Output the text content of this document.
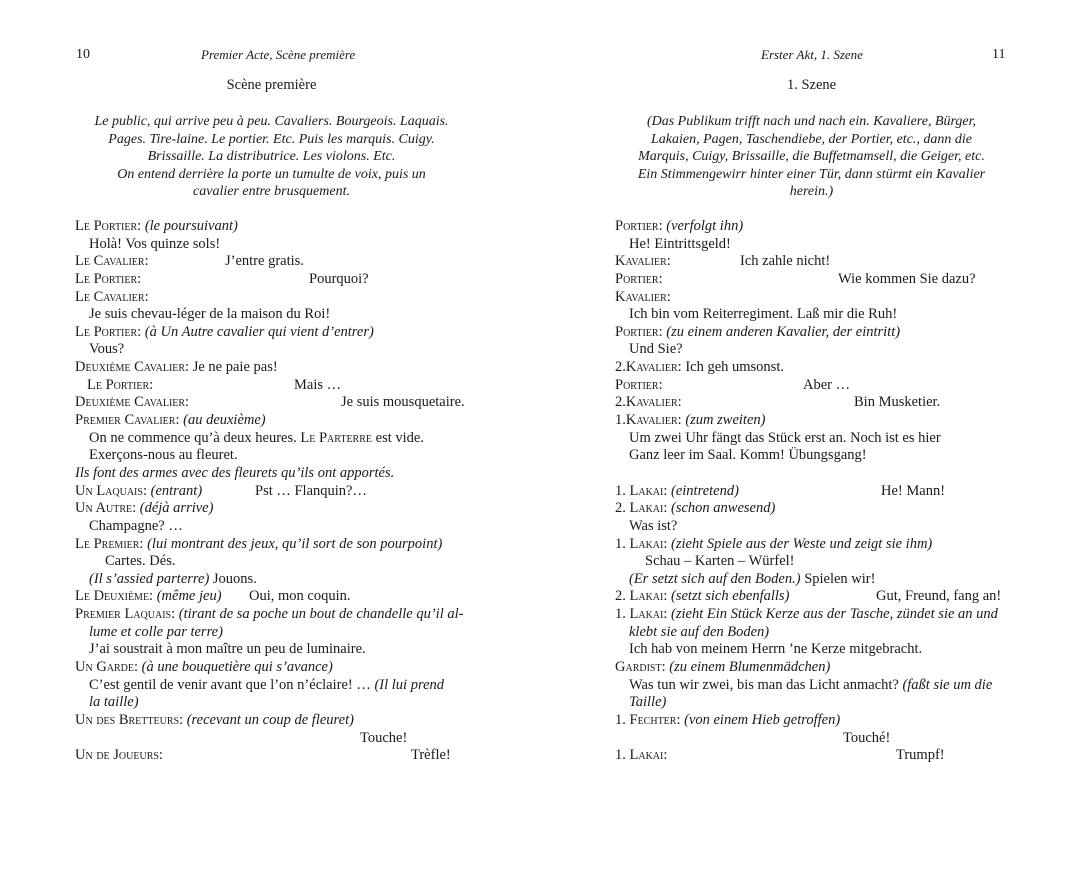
10	Premier Acte, Scène première
Scène première
Le public, qui arrive peu à peu. Cavaliers. Bourgeois. Laquais.
Pages. Tire-laine. Le portier. Etc. Puis les marquis. Cuigy.
Brissaille. La distributrice. Les violons. Etc.
On entend derrière la porte un tumulte de voix, puis un
cavalier entre brusquement.
Le Portier: (le poursuivant)
Holà! Vos quinze sols!
Le Cavalier:	J’entre gratis.
Le Portier:	Pourquoi?
Le Cavalier:
Je suis chevau-léger de la maison du Roi!
Le Portier: (à Un Autre cavalier qui vient d’entrer)
Vous?
Deuxième Cavalier: Je ne paie pas!
Le Portier:	Mais …
Deuxième Cavalier:	Je suis mousquetaire.
Premier Cavalier: (au deuxième)
On ne commence qu’à deux heures. Le Parterre est vide.
Exerçons-nous au fleuret.
Ils font des armes avec des fleurets qu’ils ont apportés.
Un Laquais: (entrant)	Pst … Flanquin?…
Un Autre: (déjà arrive)
Champagne? …
Le Premier: (lui montrant des jeux, qu’il sort de son pourpoint)
Cartes. Dés.
(Il s’assied parterre) Jouons.
Le Deuxième: (même jeu) Oui, mon coquin.
Premier Laquais: (tirant de sa poche un bout de chandelle qu’il al-
lume et colle par terre)
J’ai soustrait à mon maître un peu de luminaire.
Un Garde: (à une bouquetière qui s’avance)
C’est gentil de venir avant que l’on n’éclaire! … (Il lui prend
la taille)
Un des Bretteurs: (recevant un coup de fleuret)
Touche!
Un de Joueurs:	Trèfle!
Erster Akt, 1. Szene	11
1. Szene
(Das Publikum trifft nach und nach ein. Kavaliere, Bürger,
Lakaien, Pagen, Taschendiebe, der Portier, etc., dann die
Marquis, Cuigy, Brissaille, die Buffetmamsell, die Geiger, etc.
Ein Stimmengewirr hinter einer Tür, dann stürmt ein Kavalier
herein.)
Portier: (verfolgt ihn)
He! Eintrittsgeld!
Kavalier:	Ich zahle nicht!
Portier:	Wie kommen Sie dazu?
Kavalier:
Ich bin vom Reiterregiment. Laß mir die Ruh!
Portier: (zu einem anderen Kavalier, der eintritt)
Und Sie?
2.Kavalier: Ich geh umsonst.
Portier:	Aber …
2.Kavalier:	Bin Musketier.
1.Kavalier: (zum zweiten)
Um zwei Uhr fängt das Stück erst an. Noch ist es hier
Ganz leer im Saal. Komm! Übungsgang!
1. Lakai: (eintretend)	He! Mann!
2. Lakai: (schon anwesend)
Was ist?
1. Lakai: (zieht Spiele aus der Weste und zeigt sie ihm)
Schau – Karten – Würfel!
(Er setzt sich auf den Boden.) Spielen wir!
2. Lakai: (setzt sich ebenfalls)	Gut, Freund, fang an!
1. Lakai: (zieht Ein Stück Kerze aus der Tasche, zündet sie an und
klebt sie auf den Boden)
Ich hab von meinem Herrn ’ne Kerze mitgebracht.
Gardist: (zu einem Blumenmädchen)
Was tun wir zwei, bis man das Licht anmacht? (faßt sie um die
Taille)
1. Fechter: (von einem Hieb getroffen)
Touché!
1. Lakai:	Trumpf!
